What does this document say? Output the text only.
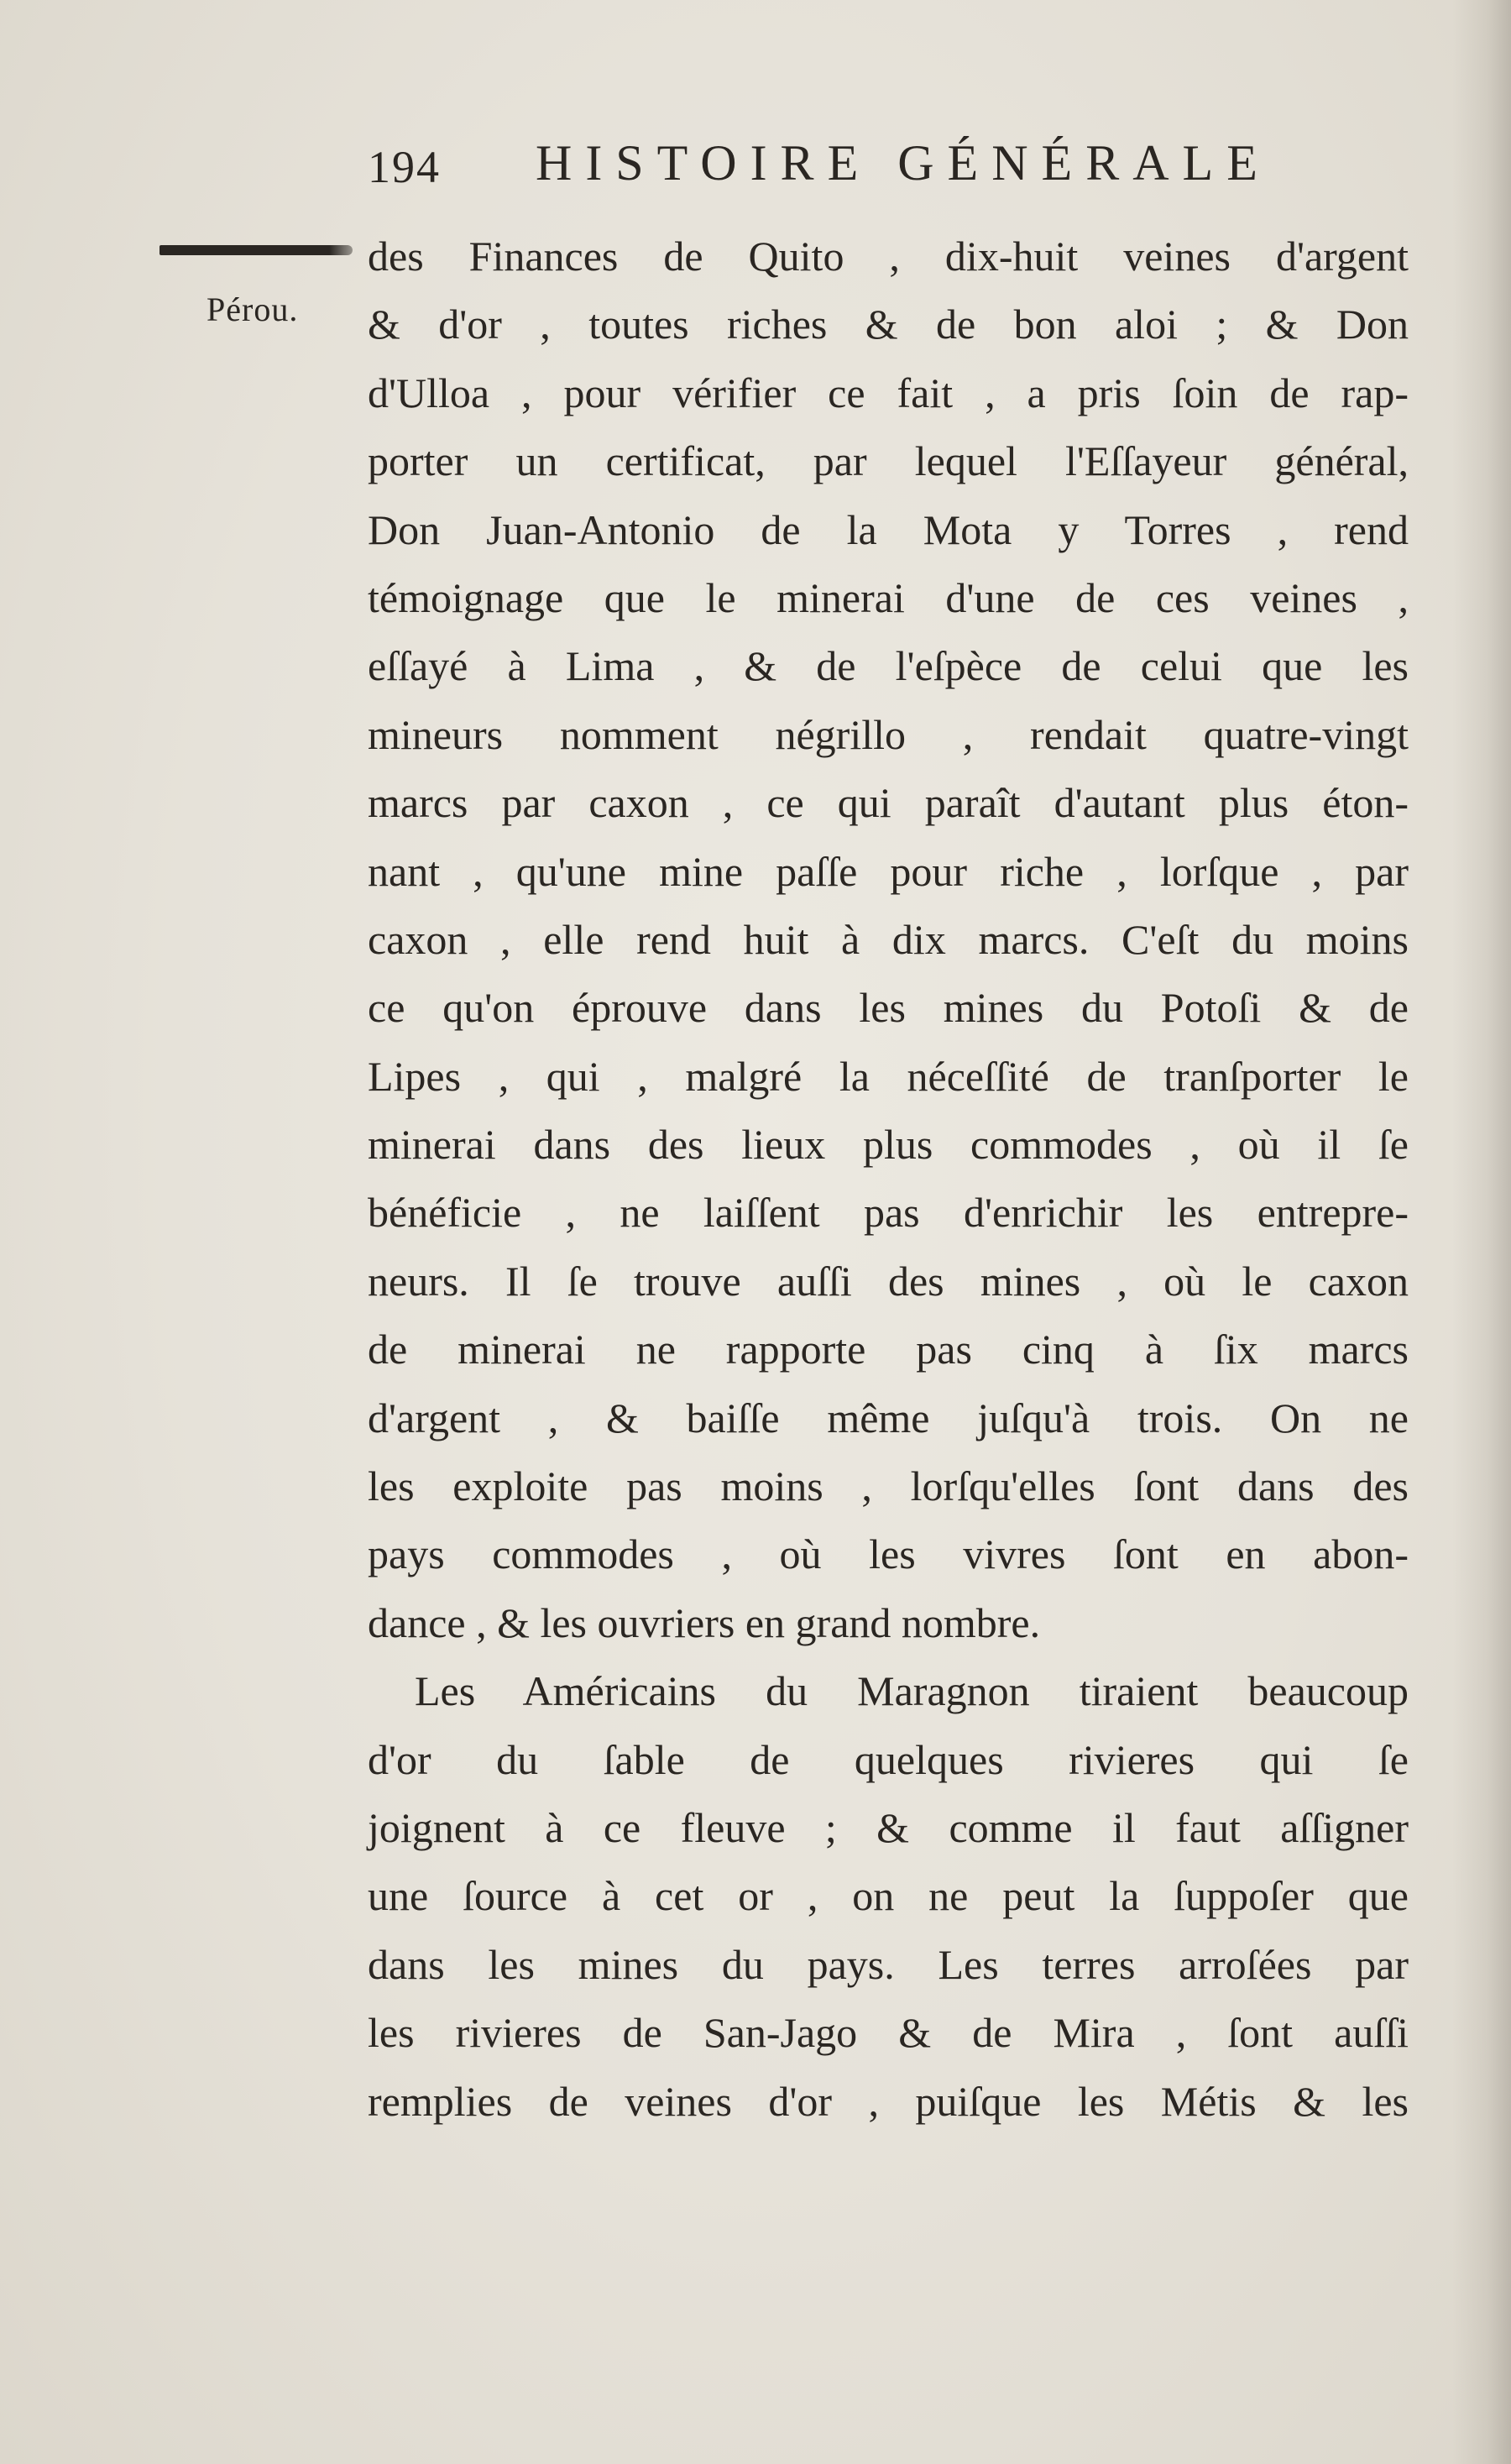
194 HISTOIRE GÉNÉRALE
Pérou.
des Finances de Quito , dix-huit veines d'argent
& d'or , toutes riches & de bon aloi ; & Don
d'Ulloa , pour vérifier ce fait , a pris ſoin de rap-
porter un certificat, par lequel l'Eſſayeur général,
Don Juan-Antonio de la Mota y Torres , rend
témoignage que le minerai d'une de ces veines ,
eſſayé à Lima , & de l'eſpèce de celui que les
mineurs nomment négrillo , rendait quatre-vingt
marcs par caxon , ce qui paraît d'autant plus éton-
nant , qu'une mine paſſe pour riche , lorſque , par
caxon , elle rend huit à dix marcs. C'eſt du moins
ce qu'on éprouve dans les mines du Potoſi & de
Lipes , qui , malgré la néceſſité de tranſporter le
minerai dans des lieux plus commodes , où il ſe
bénéficie , ne laiſſent pas d'enrichir les entrepre-
neurs. Il ſe trouve auſſi des mines , où le caxon
de minerai ne rapporte pas cinq à ſix marcs
d'argent , & baiſſe même juſqu'à trois. On ne
les exploite pas moins , lorſqu'elles ſont dans des
pays commodes , où les vivres ſont en abon-
dance , & les ouvriers en grand nombre.
Les Américains du Maragnon tiraient beaucoup
d'or du ſable de quelques rivieres qui ſe
joignent à ce fleuve ; & comme il faut aſſigner
une ſource à cet or , on ne peut la ſuppoſer que
dans les mines du pays. Les terres arroſées par
les rivieres de San-Jago & de Mira , ſont auſſi
remplies de veines d'or , puiſque les Métis & les
